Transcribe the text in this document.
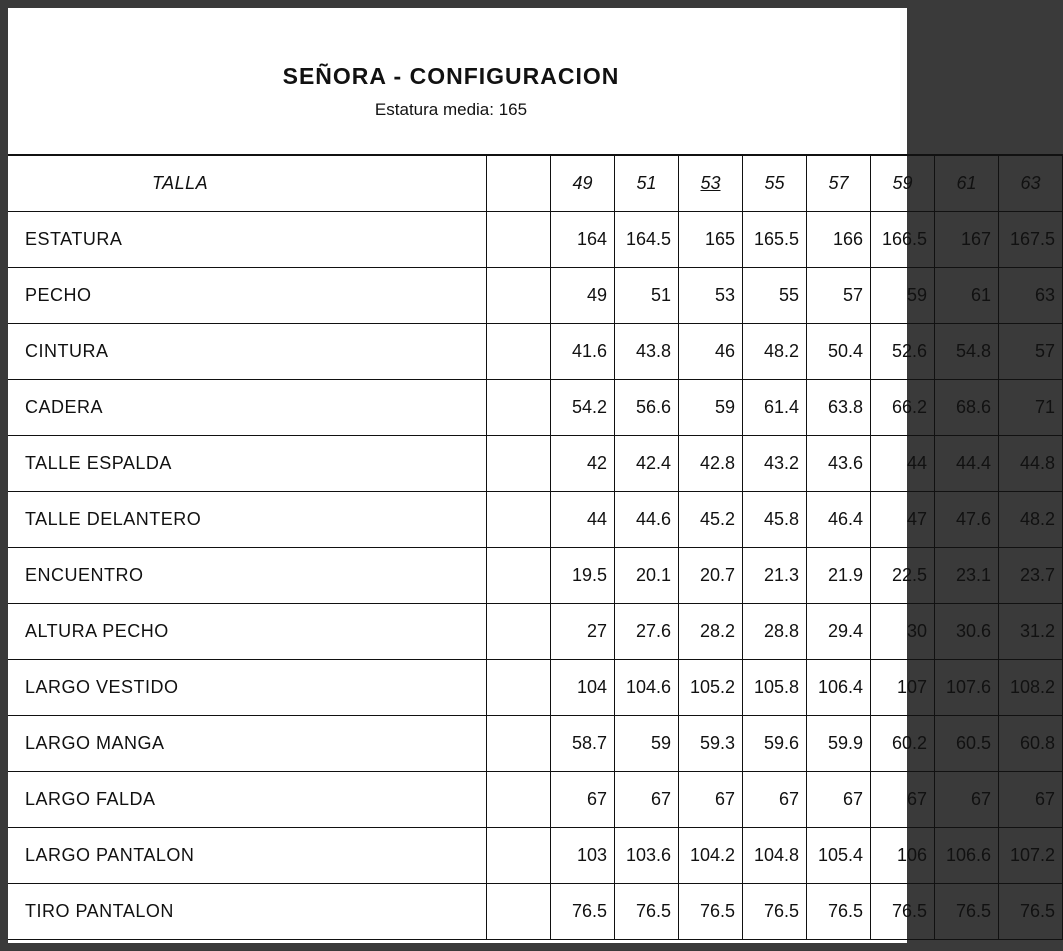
SEÑORA - CONFIGURACION
Estatura media: 165
TALLA		49	51	53	55	57	59	61	63
ESTATURA		164	164.5	165	165.5	166	166.5	167	167.5
PECHO		49	51	53	55	57	59	61	63
CINTURA		41.6	43.8	46	48.2	50.4	52.6	54.8	57
CADERA		54.2	56.6	59	61.4	63.8	66.2	68.6	71
TALLE ESPALDA		42	42.4	42.8	43.2	43.6	44	44.4	44.8
TALLE DELANTERO		44	44.6	45.2	45.8	46.4	47	47.6	48.2
ENCUENTRO		19.5	20.1	20.7	21.3	21.9	22.5	23.1	23.7
ALTURA PECHO		27	27.6	28.2	28.8	29.4	30	30.6	31.2
LARGO VESTIDO		104	104.6	105.2	105.8	106.4	107	107.6	108.2
LARGO MANGA		58.7	59	59.3	59.6	59.9	60.2	60.5	60.8
LARGO FALDA		67	67	67	67	67	67	67	67
LARGO PANTALON		103	103.6	104.2	104.8	105.4	106	106.6	107.2
TIRO PANTALON		76.5	76.5	76.5	76.5	76.5	76.5	76.5	76.5
